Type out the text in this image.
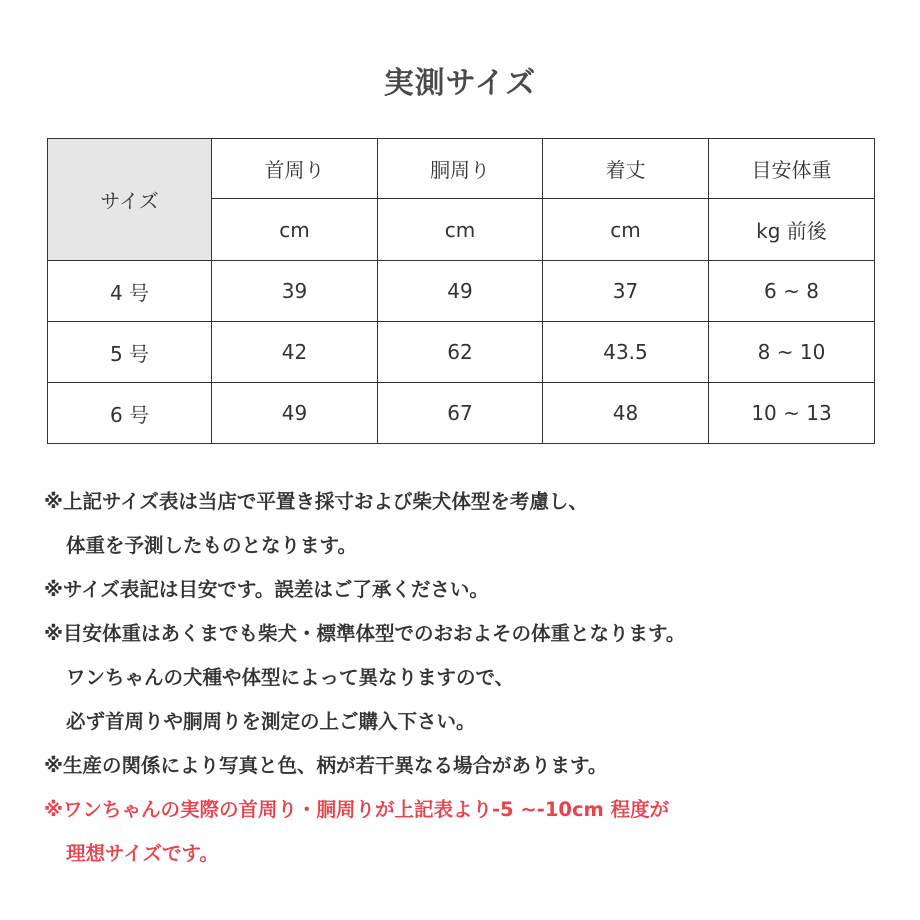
実測サイズ
サイズ	首周り	胴周り	着丈	目安体重
	cm	cm	cm	kg 前後
4 号	39	49	37	6 ~ 8
5 号	42	62	43.5	8 ~ 10
6 号	49	67	48	10 ~ 13
※上記サイズ表は当店で平置き採寸および柴犬体型を考慮し、
体重を予測したものとなります。
※サイズ表記は目安です。誤差はご了承ください。
※目安体重はあくまでも柴犬・標準体型でのおおよその体重となります。
ワンちゃんの犬種や体型によって異なりますので、
必ず首周りや胴周りを測定の上ご購入下さい。
※生産の関係により写真と色、柄が若干異なる場合があります。
※ワンちゃんの実際の首周り・胴周りが上記表より-5 ~-10cm 程度が
理想サイズです。
